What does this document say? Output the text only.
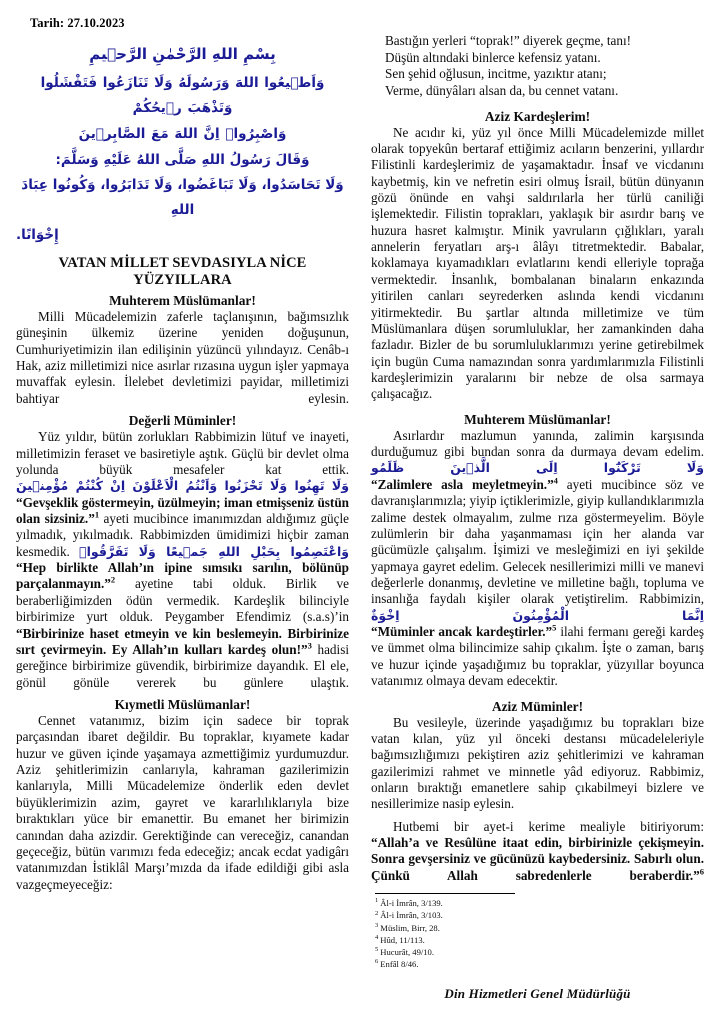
Tarih: 27.10.2023
بِسْمِ اللهِ الرَّحْمٰنِ الرَّحٖيمِ
وَاَط۪يعُوا اللهَ وَرَسُولَهُ وَلَا تَنَازَعُوا فَتَفْشَلُوا وَتَذْهَبَ ر۪يحُكُمْ
وَاصْبِرُواۚ اِنَّ اللهَ مَعَ الصَّابِر۪ينَ
وَقَالَ رَسُولُ اللهِ صَلَّى اللهُ عَلَيْهِ وَسَلَّمَ:
وَلَا تَحَاسَدُوا، وَلَا تَبَاغَضُوا، وَلَا تَدَابَرُوا، وَكُونُوا عِبَادَ اللهِ
إِخْوَانًا.
VATAN MİLLET SEVDASIYLA NİCE
YÜZYILLARA
Muhterem Müslümanlar!

Milli Mücadelemizin zaferle taçlanışının, bağımsızlık güneşinin ülkemiz üzerine yeniden doğuşunun, Cumhuriyetimizin ilan edilişinin yüzüncü yılındayız. Cenâb-ı Hak, aziz milletimizi nice asırlar rızasına uygun işler yapmaya muvaffak eylesin. İlelebet devletimizi payidar, milletimizi bahtiyar eylesin.

Değerli Müminler!

Yüz yıldır, bütün zorlukları Rabbimizin lütuf ve inayeti, milletimizin feraset ve basiretiyle aştık. Güçlü bir devlet olma yolunda büyük mesafeler kat ettik. وَلَا تَهِنُوا وَلَا تَحْزَنُوا وَاَنْتُمُ الْاَعْلَوْنَ اِنْ كُنْتُمْ مُؤْمِن۪ينَ

“Gevşeklik göstermeyin, üzülmeyin; iman etmişseniz üstün olan sizsiniz.”$^1$ ayeti mucibince imanımızdan aldığımız güçle yılmadık, yıkılmadık. Rabbimizden ümidimizi hiçbir zaman kesmedik. وَاعْتَصِمُوا بِحَبْلِ اللهِ جَم۪يعًا وَلَا تَفَرَّقُواۖ

“Hep birlikte Allah’ın ipine sımsıkı sarılın, bölünüp parçalanmayın.”$^2$ ayetine tabi olduk. Birlik ve beraberliğimizden ödün vermedik. Kardeşlik bilinciyle birbirimize yurt olduk. Peygamber Efendimiz (s.a.s)’in “Birbirinize haset etmeyin ve kin beslemeyin. Birbirinize sırt çevirmeyin. Ey Allah’ın kulları kardeş olun!”$^3$ hadisi gereğince birbirimize güvendik, birbirimize dayandık. El ele, gönül gönüle vererek bu günlere ulaştık.

Kıymetli Müslümanlar!

Cennet vatanımız, bizim için sadece bir toprak parçasından ibaret değildir. Bu topraklar, kıyamete kadar huzur ve güven içinde yaşamaya azmettiğimiz yurdumuzdur. Aziz şehitlerimizin canlarıyla, kahraman gazilerimizin kanlarıyla, Milli Mücadelemize önderlik eden devlet büyüklerimizin azim, gayret ve kararlılıklarıyla bize bıraktıkları yüce bir emanettir. Bu emanet her birimizin canından daha azizdir. Gerektiğinde can vereceğiz, canandan geçeceğiz, bütün varımızı feda edeceğiz; ancak ecdat yadigârı vatanımızdan İstiklâl Marşı’mızda da ifade edildiği gibi asla vazgeçmeyeceğiz:

Bastığın yerleri “toprak!” diyerek geçme, tanı!
Düşün altındaki binlerce kefensiz yatanı.
Sen şehid oğlusun, incitme, yazıktır atanı;
Verme, dünyâları alsan da, bu cennet vatanı.
Aziz Kardeşlerim!

Ne acıdır ki, yüz yıl önce Milli Mücadelemizde millet olarak topyekûn bertaraf ettiğimiz acıların benzerini, yıllardır Filistinli kardeşlerimiz de yaşamaktadır. İnsaf ve vicdanını kaybetmiş, kin ve nefretin esiri olmuş İsrail, bütün dünyanın gözü önünde en vahşi saldırılarla her türlü caniliği işlemektedir. Filistin toprakları, yaklaşık bir asırdır barış ve huzura hasret kalmıştır. Minik yavruların çığlıkları, yaralı annelerin feryatları arş-ı âlâyı titretmektedir. Babalar, koklamaya kıyamadıkları evlatlarını kendi elleriyle toprağa vermektedir. İnsanlık, bombalanan binaların enkazında yitirilen canları seyrederken aslında kendi vicdanını yitirmektedir. Bu şartlar altında milletimize ve tüm Müslümanlara düşen sorumluluklar, her zamankinden daha fazladır. Bizler de bu sorumluluklarımızı yerine getirebilmek için bugün Cuma namazından sonra yardımlarımızla Filistinli kardeşlerimizin yaralarını bir nebze de olsa sarmaya çalışacağız.

Muhterem Müslümanlar!

Asırlardır mazlumun yanında, zalimin karşısında durduğumuz gibi bundan sonra da durmaya devam edelim. وَلَا تَرْكَنُٓوا اِلَى الَّذ۪ينَ ظَلَمُو

“Zalimlere asla meyletmeyin.”$^4$ ayeti mucibince söz ve davranışlarımızla; yiyip içtiklerimizle, giyip kullandıklarımızla zalime destek olmayalım, zulme rıza göstermeyelim. Böyle zulümlerin bir daha yaşanmaması için her alanda var gücümüzle çalışalım. İşimizi ve mesleğimizi en iyi şekilde yapmaya gayret edelim. Gelecek nesillerimizi milli ve manevi değerlerle donanmış, devletine ve milletine bağlı, topluma ve insanlığa faydalı kişiler olarak yetiştirelim. Rabbimizin, اِنَّمَا الْمُؤْمِنُونَ اِخْوَةٌ

“Müminler ancak kardeştirler.”$^5$ ilahi fermanı gereği kardeş ve ümmet olma bilincimize sahip çıkalım. İşte o zaman, barış ve huzur içinde yaşadığımız bu topraklar, yüzyıllar boyunca vatanımız olmaya devam edecektir.

Aziz Müminler!

Bu vesileyle, üzerinde yaşadığımız bu toprakları bize vatan kılan, yüz yıl önceki destansı mücadeleleriyle bağımsızlığımızı pekiştiren aziz şehitlerimizi ve kahraman gazilerimizi rahmet ve minnetle yâd ediyoruz. Rabbimiz, onların bıraktığı emanetlere sahip çıkabilmeyi bizlere ve nesillerimize nasip eylesin.

Hutbemi bir ayet-i kerime mealiyle bitiriyorum:

“Allah’a ve Resûlüne itaat edin, birbirinizle çekişmeyin. Sonra gevşersiniz ve gücünüzü kaybedersiniz. Sabırlı olun. Çünkü Allah sabredenlerle beraberdir.”$^6$

$^1$ Âl-i İmrân, 3/139.
$^2$ Âl-i İmrân, 3/103.
$^3$ Müslim, Birr, 28.
$^4$ Hûd, 11/113.
$^5$ Hucurât, 49/10.
$^6$ Enfâl 8/46.
Din Hizmetleri Genel Müdürlüğü
